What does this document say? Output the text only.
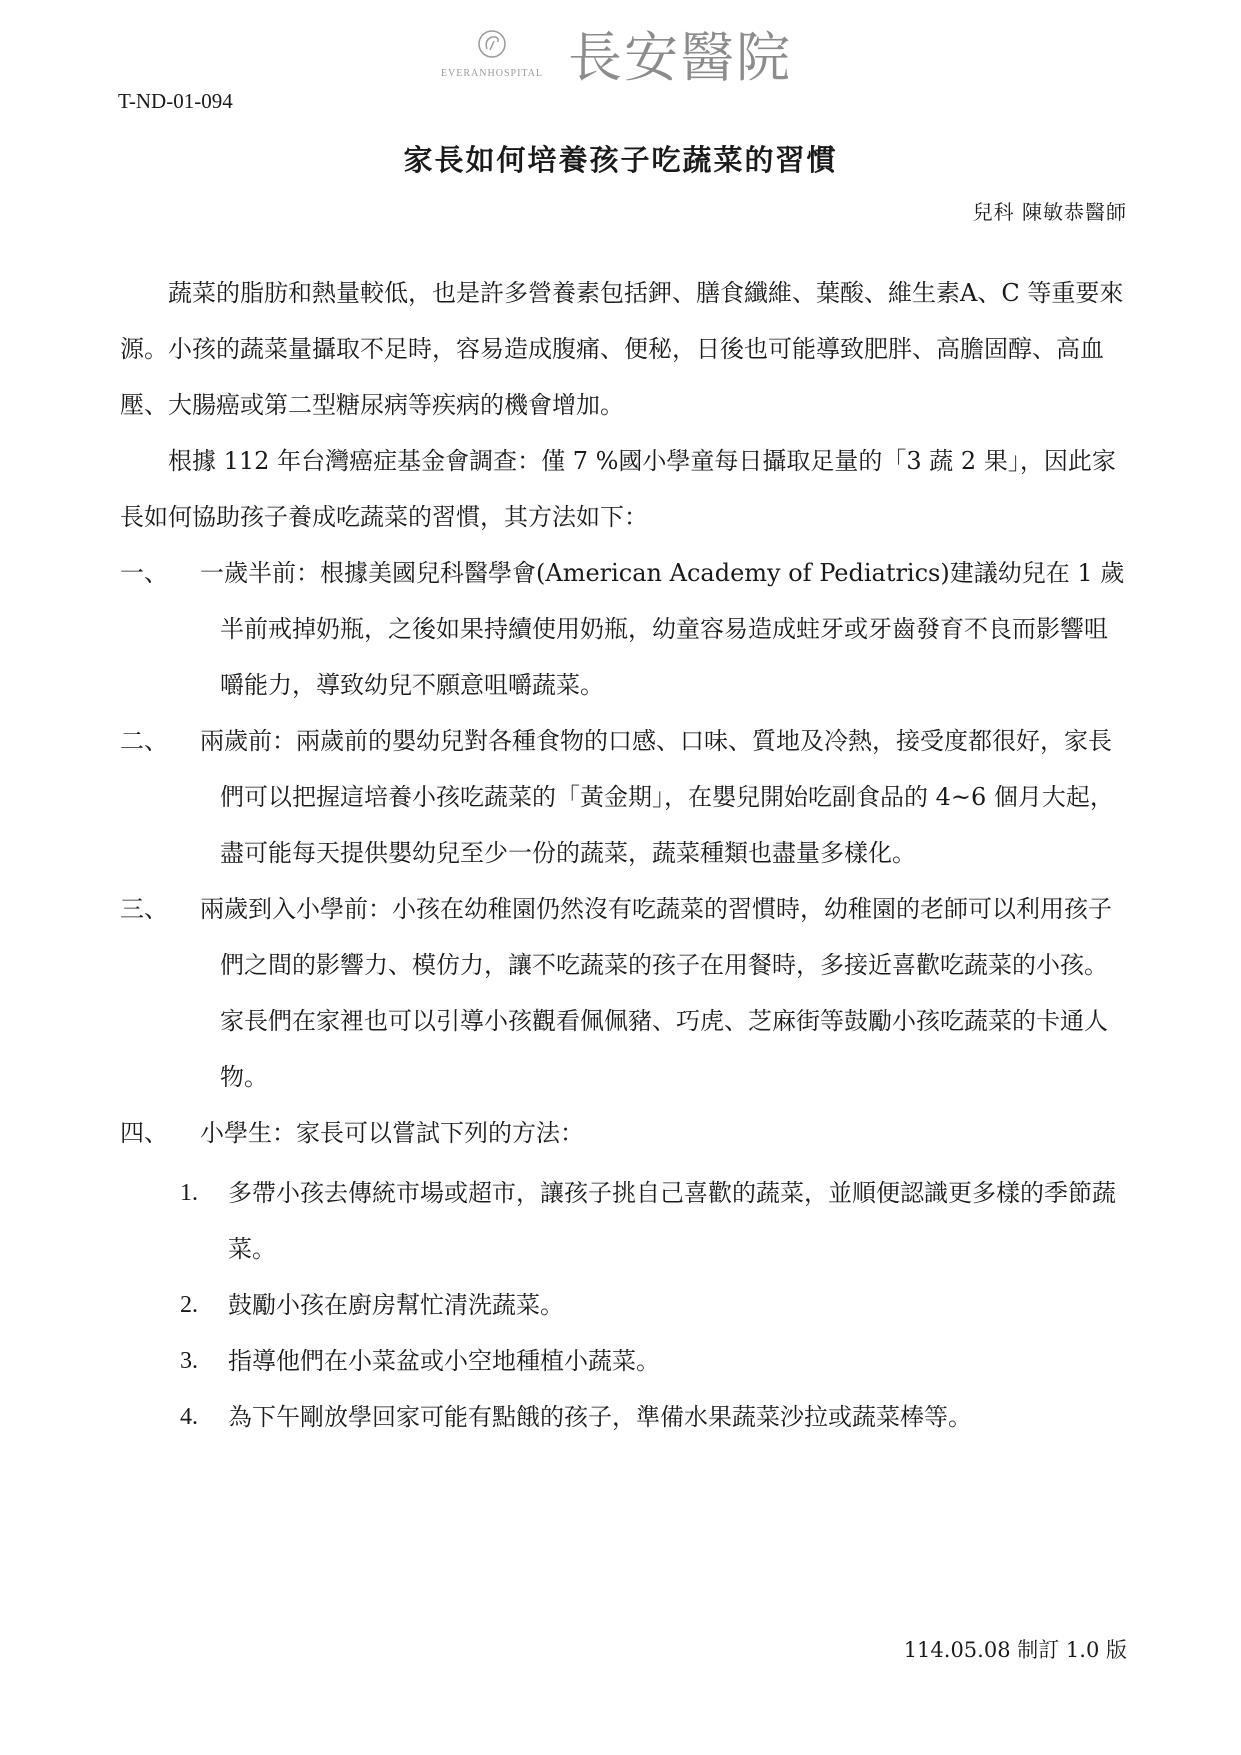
EVERANHOSPITAL 長安醫院
T-ND-01-094
家長如何培養孩子吃蔬菜的習慣
兒科 陳敏恭醫師

蔬菜的脂肪和熱量較低，也是許多營養素包括鉀、膳食纖維、葉酸、維生素A、C 等重要來源。小孩的蔬菜量攝取不足時，容易造成腹痛、便秘，日後也可能導致肥胖、高膽固醇、高血壓、大腸癌或第二型糖尿病等疾病的機會增加。

根據 112 年台灣癌症基金會調查：僅 7 %國小學童每日攝取足量的「3 蔬 2 果」，因此家長如何協助孩子養成吃蔬菜的習慣，其方法如下：

一、	一歲半前：根據美國兒科醫學會(American Academy of Pediatrics)建議幼兒在 1 歲半前戒掉奶瓶，之後如果持續使用奶瓶，幼童容易造成蛀牙或牙齒發育不良而影響咀嚼能力，導致幼兒不願意咀嚼蔬菜。

二、	兩歲前：兩歲前的嬰幼兒對各種食物的口感、口味、質地及冷熱，接受度都很好，家長們可以把握這培養小孩吃蔬菜的「黃金期」，在嬰兒開始吃副食品的 4~6 個月大起，盡可能每天提供嬰幼兒至少一份的蔬菜，蔬菜種類也盡量多樣化。

三、	兩歲到入小學前：小孩在幼稚園仍然沒有吃蔬菜的習慣時，幼稚園的老師可以利用孩子們之間的影響力、模仿力，讓不吃蔬菜的孩子在用餐時，多接近喜歡吃蔬菜的小孩。家長們在家裡也可以引導小孩觀看佩佩豬、巧虎、芝麻街等鼓勵小孩吃蔬菜的卡通人物。

四、	小學生：家長可以嘗試下列的方法：

1.	多帶小孩去傳統市場或超市，讓孩子挑自己喜歡的蔬菜，並順便認識更多樣的季節蔬菜。

2.	鼓勵小孩在廚房幫忙清洗蔬菜。

3.	指導他們在小菜盆或小空地種植小蔬菜。

4.	為下午剛放學回家可能有點餓的孩子，準備水果蔬菜沙拉或蔬菜棒等。

114.05.08 制訂 1.0 版
